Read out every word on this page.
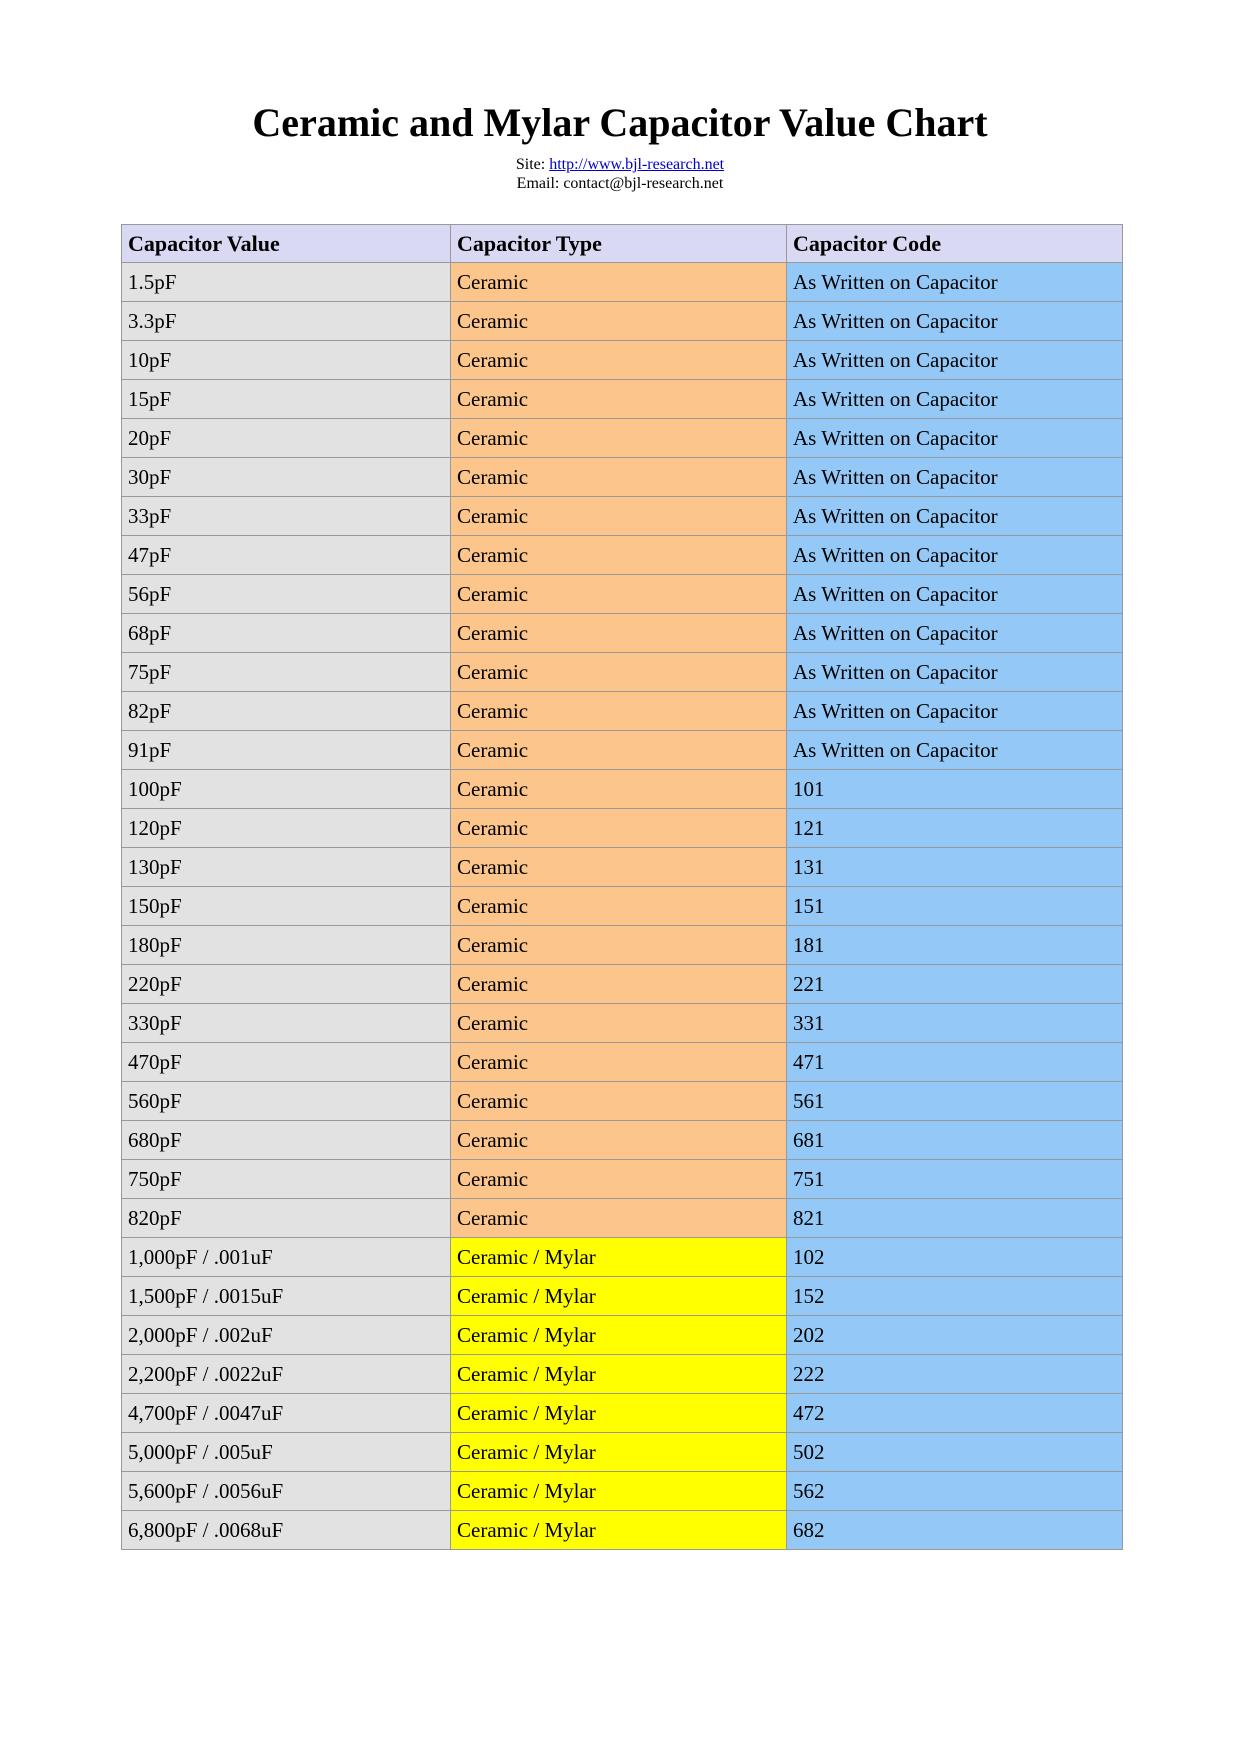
Ceramic and Mylar Capacitor Value Chart
Site: http://www.bjl-research.net
Email: contact@bjl-research.net
Capacitor Value	Capacitor Type	Capacitor Code
1.5pF	Ceramic	As Written on Capacitor
3.3pF	Ceramic	As Written on Capacitor
10pF	Ceramic	As Written on Capacitor
15pF	Ceramic	As Written on Capacitor
20pF	Ceramic	As Written on Capacitor
30pF	Ceramic	As Written on Capacitor
33pF	Ceramic	As Written on Capacitor
47pF	Ceramic	As Written on Capacitor
56pF	Ceramic	As Written on Capacitor
68pF	Ceramic	As Written on Capacitor
75pF	Ceramic	As Written on Capacitor
82pF	Ceramic	As Written on Capacitor
91pF	Ceramic	As Written on Capacitor
100pF	Ceramic	101
120pF	Ceramic	121
130pF	Ceramic	131
150pF	Ceramic	151
180pF	Ceramic	181
220pF	Ceramic	221
330pF	Ceramic	331
470pF	Ceramic	471
560pF	Ceramic	561
680pF	Ceramic	681
750pF	Ceramic	751
820pF	Ceramic	821
1,000pF / .001uF	Ceramic / Mylar	102
1,500pF / .0015uF	Ceramic / Mylar	152
2,000pF / .002uF	Ceramic / Mylar	202
2,200pF / .0022uF	Ceramic / Mylar	222
4,700pF / .0047uF	Ceramic / Mylar	472
5,000pF / .005uF	Ceramic / Mylar	502
5,600pF / .0056uF	Ceramic / Mylar	562
6,800pF / .0068uF	Ceramic / Mylar	682
